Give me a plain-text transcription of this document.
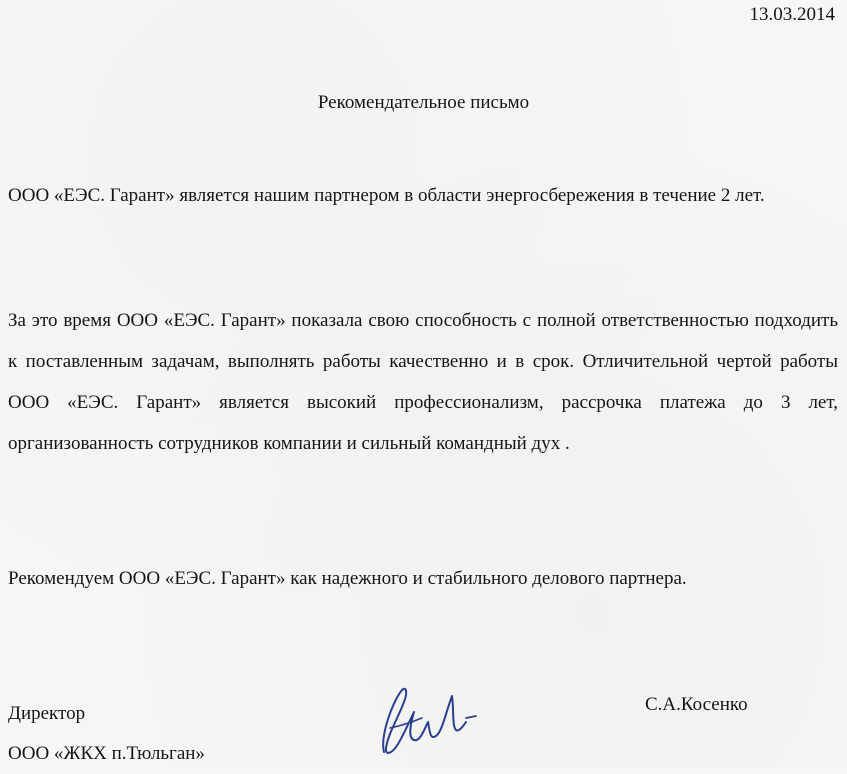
13.03.2014
Рекомендательное письмо

ООО «ЕЭС. Гарант» является нашим партнером в области энергосбережения в течение 2 лет.

За это время ООО «ЕЭС. Гарант» показала свою способность с полной ответственностью подходить к поставленным задачам, выполнять работы качественно и в срок. Отличительной чертой работы ООО «ЕЭС. Гарант» является высокий профессионализм, рассрочка платежа до 3 лет, организованность сотрудников компании и сильный командный дух .

Рекомендуем ООО «ЕЭС. Гарант» как надежного и стабильного делового партнера.

Директор
ООО «ЖКХ п.Тюльган»
С.А.Косенко
